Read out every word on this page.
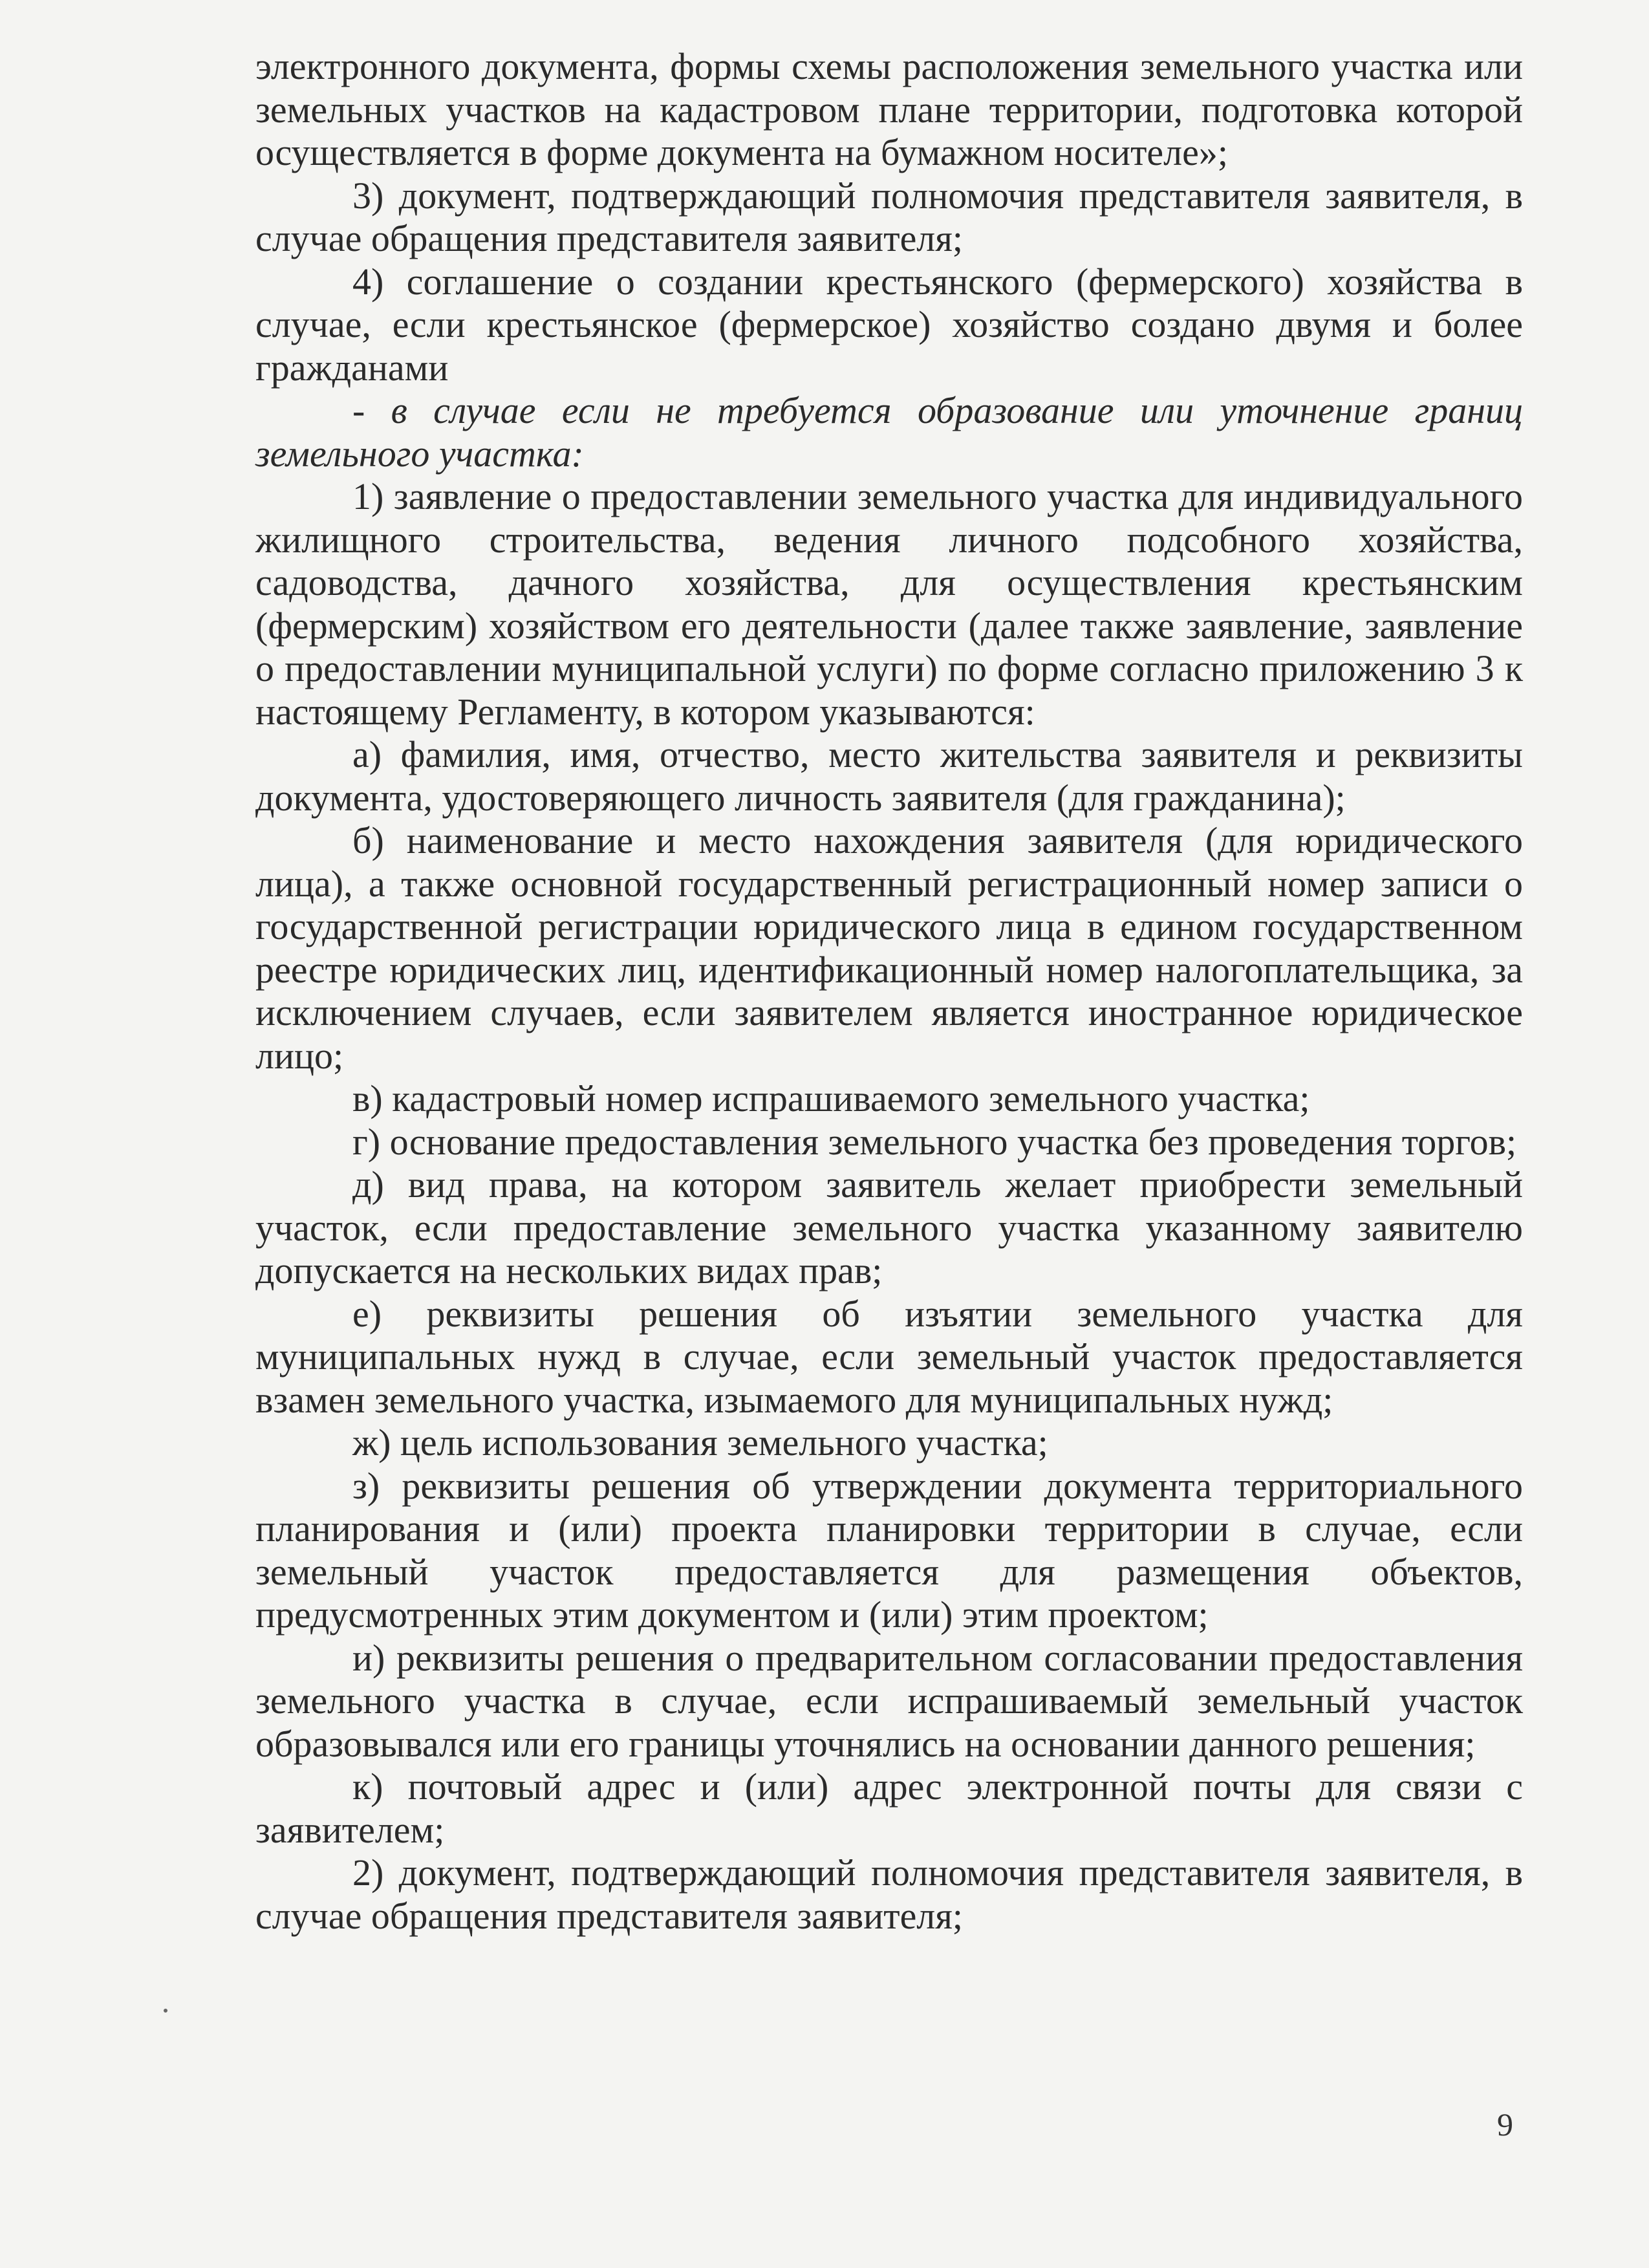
электронного документа, формы схемы расположения земельного участка или земельных участков на кадастровом плане территории, подготовка которой осуществляется в форме документа на бумажном носителе»;

3) документ, подтверждающий полномочия представителя заявителя, в случае обращения представителя заявителя;

4) соглашение о создании крестьянского (фермерского) хозяйства в случае, если крестьянское (фермерское) хозяйство создано двумя и более гражданами

- в случае если не требуется образование или уточнение границ земельного участка:

1) заявление о предоставлении земельного участка для индивидуального жилищного строительства, ведения личного подсобного хозяйства, садоводства, дачного хозяйства, для осуществления крестьянским (фермерским) хозяйством его деятельности (далее также заявление, заявление о предоставлении муниципальной услуги) по форме согласно приложению 3 к настоящему Регламенту, в котором указываются:

а) фамилия, имя, отчество, место жительства заявителя и реквизиты документа, удостоверяющего личность заявителя (для гражданина);

б) наименование и место нахождения заявителя (для юридического лица), а также основной государственный регистрационный номер записи о государственной регистрации юридического лица в едином государственном реестре юридических лиц, идентификационный номер налогоплательщика, за исключением случаев, если заявителем является иностранное юридическое лицо;

в) кадастровый номер испрашиваемого земельного участка;

г) основание предоставления земельного участка без проведения торгов;

д) вид права, на котором заявитель желает приобрести земельный участок, если предоставление земельного участка указанному заявителю допускается на нескольких видах прав;

е) реквизиты решения об изъятии земельного участка для муниципальных нужд в случае, если земельный участок предоставляется взамен земельного участка, изымаемого для муниципальных нужд;

ж) цель использования земельного участка;

з) реквизиты решения об утверждении документа территориального планирования и (или) проекта планировки территории в случае, если земельный участок предоставляется для размещения объектов, предусмотренных этим документом и (или) этим проектом;

и) реквизиты решения о предварительном согласовании предоставления земельного участка в случае, если испрашиваемый земельный участок образовывался или его границы уточнялись на основании данного решения;

к) почтовый адрес и (или) адрес электронной почты для связи с заявителем;

2) документ, подтверждающий полномочия представителя заявителя, в случае обращения представителя заявителя;

9
